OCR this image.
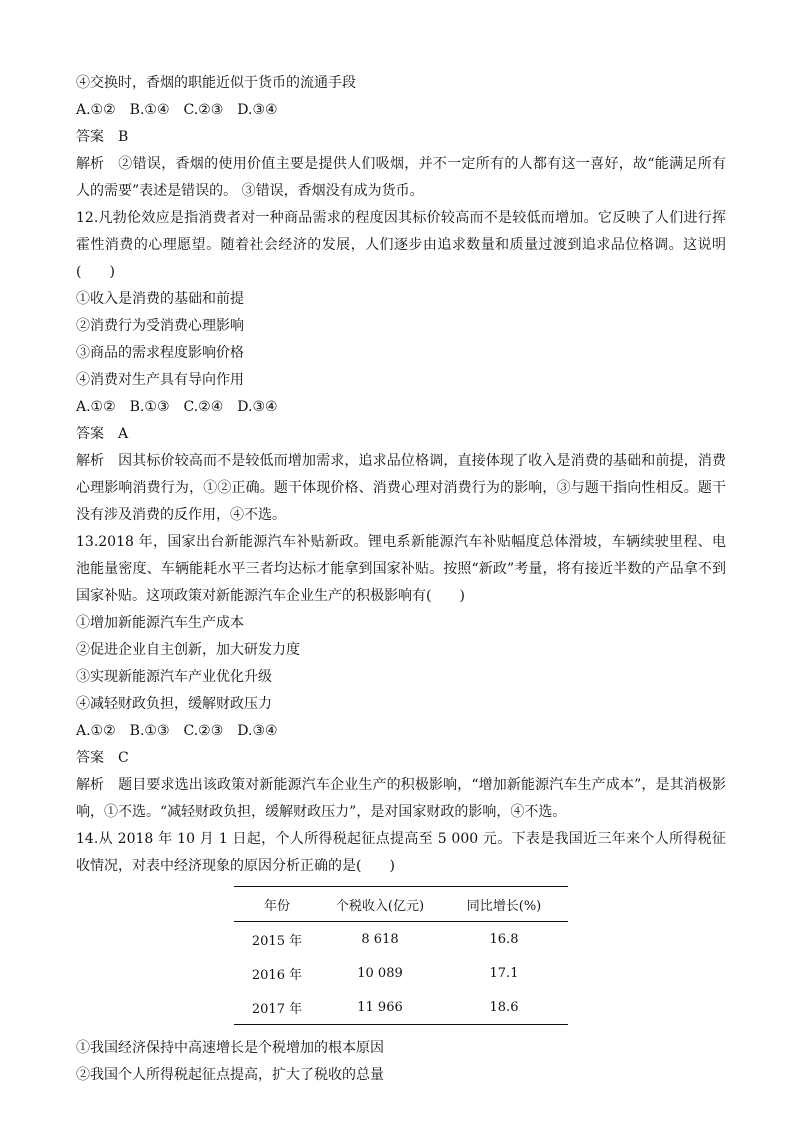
④交换时，香烟的职能近似于货币的流通手段
A.①②　B.①④　C.②③　D.③④
答案 B
解析 ②错误，香烟的使用价值主要是提供人们吸烟，并不一定所有的人都有这一喜好，故“能满足所有人的需要”表述是错误的。 ③错误，香烟没有成为货币。
12.凡勃伦效应是指消费者对一种商品需求的程度因其标价较高而不是较低而增加。它反映了人们进行挥霍性消费的心理愿望。随着社会经济的发展，人们逐步由追求数量和质量过渡到追求品位格调。这说明(　　)
①收入是消费的基础和前提
②消费行为受消费心理影响
③商品的需求程度影响价格
④消费对生产具有导向作用
A.①②　B.①③　C.②④　D.③④
答案 A
解析 因其标价较高而不是较低而增加需求，追求品位格调，直接体现了收入是消费的基础和前提，消费心理影响消费行为，①②正确。题干体现价格、消费心理对消费行为的影响，③与题干指向性相反。题干没有涉及消费的反作用，④不选。
13.2018 年，国家出台新能源汽车补贴新政。锂电系新能源汽车补贴幅度总体滑坡，车辆续驶里程、电池能量密度、车辆能耗水平三者均达标才能拿到国家补贴。按照“新政”考量，将有接近半数的产品拿不到国家补贴。这项政策对新能源汽车企业生产的积极影响有(　　)
①增加新能源汽车生产成本
②促进企业自主创新，加大研发力度
③实现新能源汽车产业优化升级
④减轻财政负担，缓解财政压力
A.①②　B.①③　C.②③　D.③④
答案 C
解析 题目要求选出该政策对新能源汽车企业生产的积极影响，“增加新能源汽车生产成本”，是其消极影响，①不选。“减轻财政负担，缓解财政压力”，是对国家财政的影响，④不选。
14.从 2018 年 10 月 1 日起，个人所得税起征点提高至 5 000 元。下表是我国近三年来个人所得税征收情况，对表中经济现象的原因分析正确的是(　　)
年份	个税收入(亿元)	同比增长(%)
2015 年	8 618	16.8
2016 年	10 089	17.1
2017 年	11 966	18.6
①我国经济保持中高速增长是个税增加的根本原因
②我国个人所得税起征点提高，扩大了税收的总量
